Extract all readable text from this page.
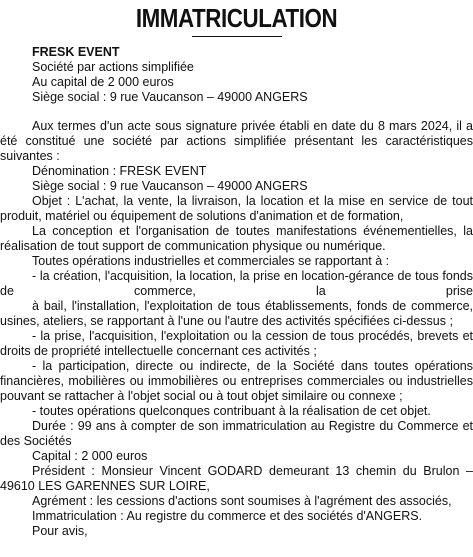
IMMATRICULATION

FRESK EVENT

Société par actions simplifiée

Au capital de 2 000 euros

Siège social : 9 rue Vaucanson – 49000 ANGERS

Aux termes d'un acte sous signature privée établi en date du 8 mars 2024, il a été constitué une société par actions simplifiée présentant les caractéristiques suivantes :

Dénomination : FRESK EVENT

Siège social : 9 rue Vaucanson – 49000 ANGERS

Objet : L'achat, la vente, la livraison, la location et la mise en service de tout produit, matériel ou équipement de solutions d'animation et de formation,

La conception et l'organisation de toutes manifestations événementielles, la réalisation de tout support de communication physique ou numérique.

Toutes opérations industrielles et commerciales se rapportant à :

- la création, l'acquisition, la location, la prise en location-gérance de tous fonds de commerce, la prise

à bail, l'installation, l'exploitation de tous établissements, fonds de commerce, usines, ateliers, se rapportant à l'une ou l'autre des activités spécifiées ci-dessus ;

- la prise, l'acquisition, l'exploitation ou la cession de tous procédés, brevets et droits de propriété intellectuelle concernant ces activités ;

- la participation, directe ou indirecte, de la Société dans toutes opérations financières, mobilières ou immobilières ou entreprises commerciales ou industrielles pouvant se rattacher à l'objet social ou à tout objet similaire ou connexe ;

- toutes opérations quelconques contribuant à la réalisation de cet objet.

Durée : 99 ans à compter de son immatriculation au Registre du Commerce et des Sociétés

Capital : 2 000 euros

Président : Monsieur Vincent GODARD demeurant 13 chemin du Brulon – 49610 LES GARENNES SUR LOIRE,

Agrément : les cessions d'actions sont soumises à l'agrément des associés,

Immatriculation : Au registre du commerce et des sociétés d'ANGERS.

Pour avis,
